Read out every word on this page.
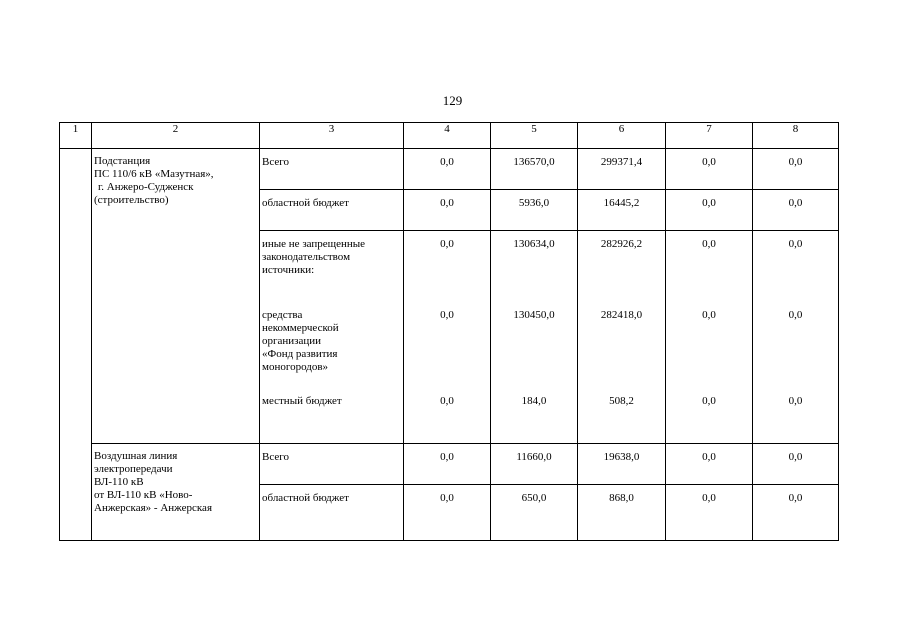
129
1	2	3	4	5	6	7	8

	Подстанция
ПС 110/6 кВ «Мазутная»,
г. Анжеро-Судженск
(строительство)	Всего	0,0	136570,0	299371,4	0,0	0,0

		областной бюджет	0,0	5936,0	16445,2	0,0	0,0

		иные не запрещенные
законодательством
источники:	0,0	130634,0	282926,2	0,0	0,0

		средства
некоммерческой
организации
«Фонд развития
моногородов»	0,0	130450,0	282418,0	0,0	0,0

		местный бюджет	0,0	184,0	508,2	0,0	0,0

	Воздушная линия
электропередачи
ВЛ-110 кВ
от ВЛ-110 кВ «Ново-
Анжерская» - Анжерская	Всего	0,0	11660,0	19638,0	0,0	0,0

		областной бюджет	0,0	650,0	868,0	0,0	0,0
